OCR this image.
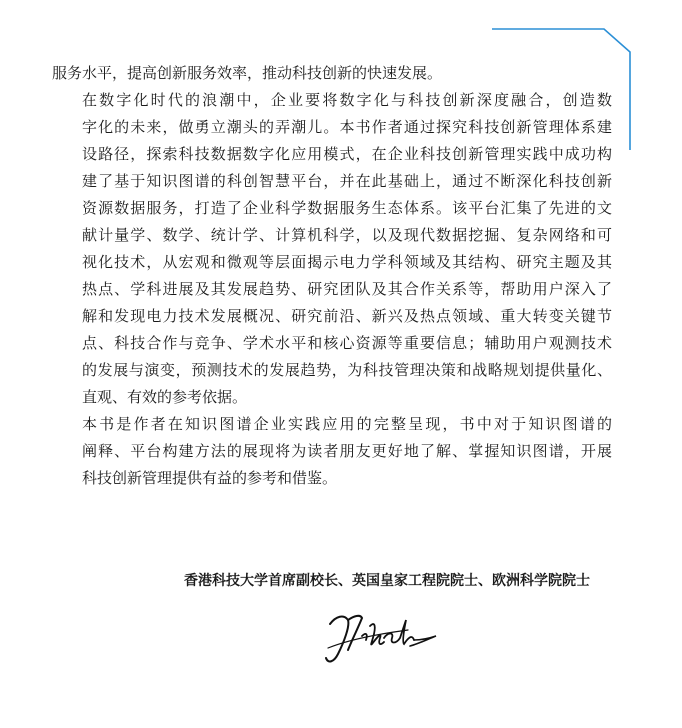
服务水平，提高创新服务效率，推动科技创新的快速发展。

在数字化时代的浪潮中，企业要将数字化与科技创新深度融合，创造数
字化的未来，做勇立潮头的弄潮儿。本书作者通过探究科技创新管理体系建
设路径，探索科技数据数字化应用模式，在企业科技创新管理实践中成功构
建了基于知识图谱的科创智慧平台，并在此基础上，通过不断深化科技创新
资源数据服务，打造了企业科学数据服务生态体系。该平台汇集了先进的文
献计量学、数学、统计学、计算机科学，以及现代数据挖掘、复杂网络和可
视化技术，从宏观和微观等层面揭示电力学科领域及其结构、研究主题及其
热点、学科进展及其发展趋势、研究团队及其合作关系等，帮助用户深入了
解和发现电力技术发展概况、研究前沿、新兴及热点领域、重大转变关键节
点、科技合作与竞争、学术水平和核心资源等重要信息；辅助用户观测技术
的发展与演变，预测技术的发展趋势，为科技管理决策和战略规划提供量化、
直观、有效的参考依据。

本书是作者在知识图谱企业实践应用的完整呈现，书中对于知识图谱的
阐释、平台构建方法的展现将为读者朋友更好地了解、掌握知识图谱，开展
科技创新管理提供有益的参考和借鉴。

香港科技大学首席副校长、英国皇家工程院院士、欧洲科学院院士
